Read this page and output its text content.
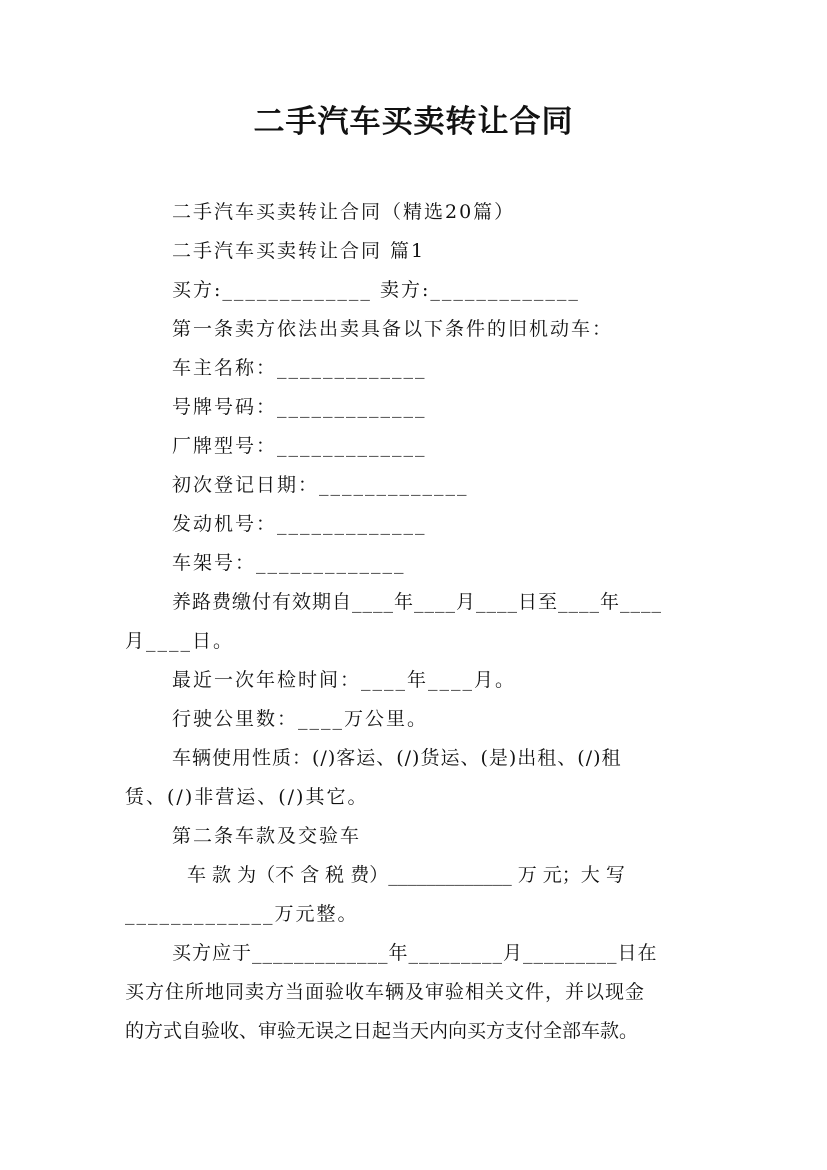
二手汽车买卖转让合同
二手汽车买卖转让合同（精选20篇）
二手汽车买卖转让合同 篇1
买方:_____________ 卖方:_____________
第一条卖方依法出卖具备以下条件的旧机动车：
车主名称：_____________
号牌号码：_____________
厂牌型号：_____________
初次登记日期：_____________
发动机号：_____________
车架号：_____________
养路费缴付有效期自____年____月____日至____年____
月____日。
最近一次年检时间：____年____月。
行驶公里数：____万公里。
车辆使用性质：(/)客运、(/)货运、(是)出租、(/)租
赁、(/)非营运、(/)其它。
第二条车款及交验车
车 款 为（不 含 税 费）_____________ 万 元；大 写
_____________万元整。
买方应于_____________年_________月_________日在
买方住所地同卖方当面验收车辆及审验相关文件，并以现金
的方式自验收、审验无误之日起当天内向买方支付全部车款。
